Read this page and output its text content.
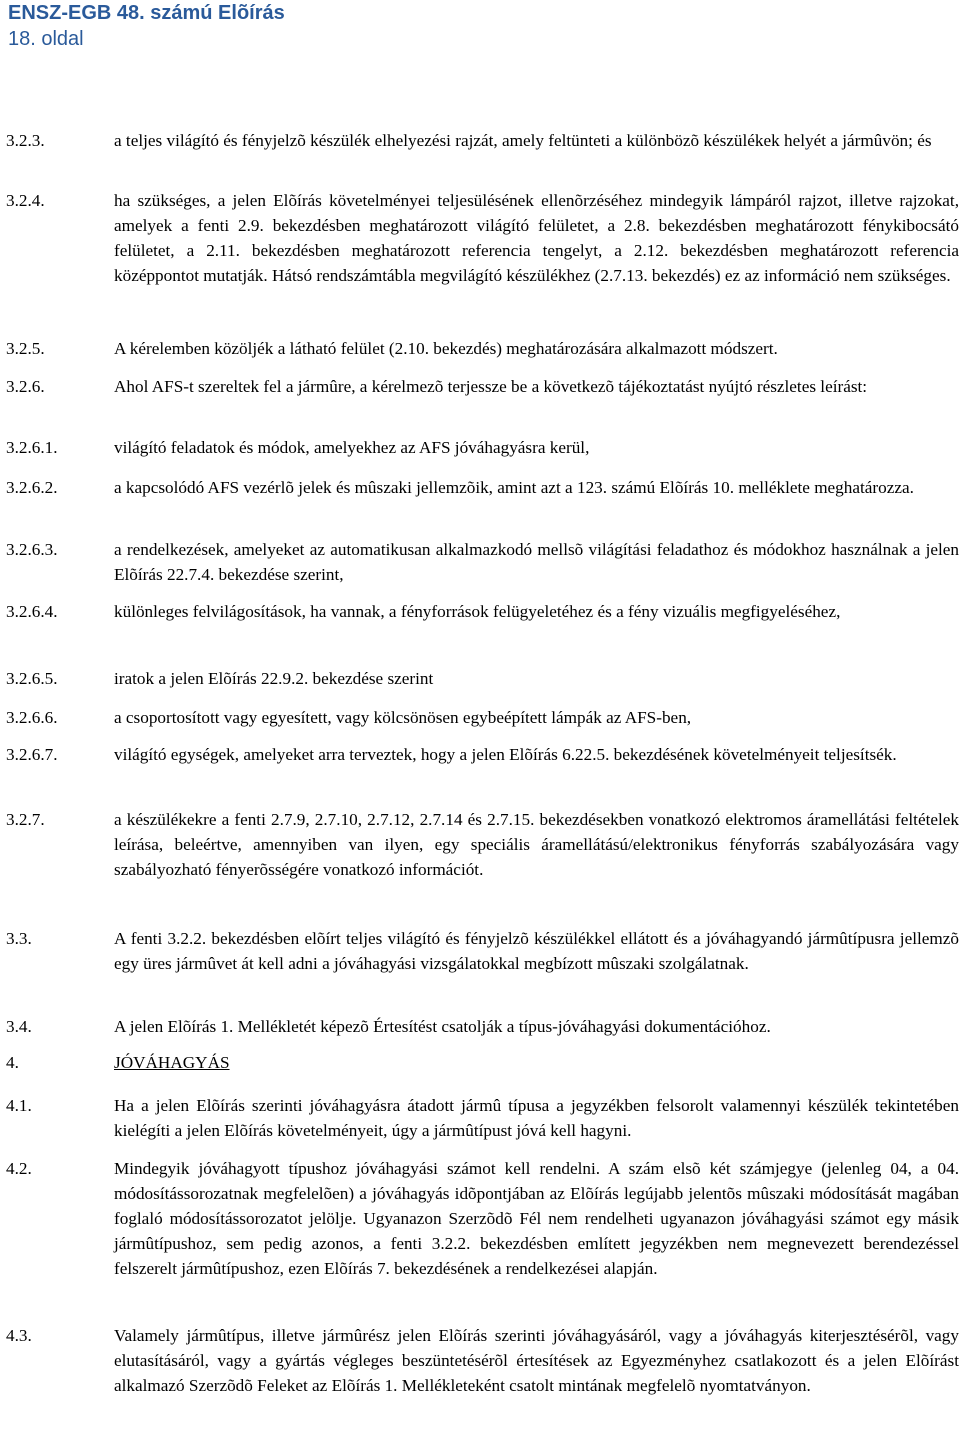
ENSZ-EGB 48. számú Elõírás
18. oldal
3.2.3.	a teljes világító és fényjelzõ készülék elhelyezési rajzát, amely feltünteti a különbözõ készülékek helyét a jármûvön; és
3.2.4.	ha szükséges, a jelen Elõírás követelményei teljesülésének ellenõrzéséhez mindegyik lámpáról rajzot, illetve rajzokat, amelyek a fenti 2.9. bekezdésben meghatározott világító felületet, a 2.8. bekezdésben meghatározott fénykibocsátó felületet, a 2.11. bekezdésben meghatározott referencia tengelyt, a 2.12. bekezdésben meghatározott referencia középpontot mutatják. Hátsó rendszámtábla megvilágító készülékhez (2.7.13. bekezdés) ez az információ nem szükséges.
3.2.5.	A kérelemben közöljék a látható felület (2.10. bekezdés) meghatározására alkalmazott módszert.
3.2.6.	Ahol AFS-t szereltek fel a jármûre, a kérelmezõ terjessze be a következõ tájékoztatást nyújtó részletes leírást:
3.2.6.1.	világító feladatok és módok, amelyekhez az AFS jóváhagyásra kerül,
3.2.6.2.	a kapcsolódó AFS vezérlõ jelek és mûszaki jellemzõik, amint azt a 123. számú Elõírás 10. melléklete meghatározza.
3.2.6.3.	a rendelkezések, amelyeket az automatikusan alkalmazkodó mellsõ világítási feladathoz és módokhoz használnak a jelen Elõírás 22.7.4. bekezdése szerint,
3.2.6.4.	különleges felvilágosítások, ha vannak, a fényforrások felügyeletéhez és a fény vizuális megfigyeléséhez,
3.2.6.5.	iratok a jelen Elõírás 22.9.2. bekezdése szerint
3.2.6.6.	a csoportosított vagy egyesített, vagy kölcsönösen egybeépített lámpák az AFS-ben,
3.2.6.7.	világító egységek, amelyeket arra terveztek, hogy a jelen Elõírás 6.22.5. bekezdésének követelményeit teljesítsék.
3.2.7.	a készülékekre a fenti 2.7.9, 2.7.10, 2.7.12, 2.7.14 és 2.7.15. bekezdésekben vonatkozó elektromos áramellátási feltételek leírása, beleértve, amennyiben van ilyen, egy speciális áramellátású/elektronikus fényforrás szabályozására vagy szabályozható fényerõsségére vonatkozó információt.
3.3.	A fenti 3.2.2. bekezdésben elõírt teljes világító és fényjelzõ készülékkel ellátott és a jóváhagyandó jármûtípusra jellemzõ egy üres jármûvet át kell adni a jóváhagyási vizsgálatokkal megbízott mûszaki szolgálatnak.
3.4.	A jelen Elõírás 1. Mellékletét képezõ Értesítést csatolják a típus-jóváhagyási dokumentációhoz.
4.	JÓVÁHAGYÁS
4.1.	Ha a jelen Elõírás szerinti jóváhagyásra átadott jármû típusa a jegyzékben felsorolt valamennyi készülék tekintetében kielégíti a jelen Elõírás követelményeit, úgy a jármûtípust jóvá kell hagyni.
4.2.	Mindegyik jóváhagyott típushoz jóváhagyási számot kell rendelni. A szám elsõ két számjegye (jelenleg 04, a 04. módosítássorozatnak megfelelõen) a jóváhagyás idõpontjában az Elõírás legújabb jelentõs mûszaki módosítását magában foglaló módosítássorozatot jelölje. Ugyanazon Szerzõdõ Fél nem rendelheti ugyanazon jóváhagyási számot egy másik jármûtípushoz, sem pedig azonos, a fenti 3.2.2. bekezdésben említett jegyzékben nem megnevezett berendezéssel felszerelt jármûtípushoz, ezen Elõírás 7. bekezdésének a rendelkezései alapján.
4.3.	Valamely jármûtípus, illetve jármûrész jelen Elõírás szerinti jóváhagyásáról, vagy a jóváhagyás kiterjesztésérõl, vagy elutasításáról, vagy a gyártás végleges beszüntetésérõl értesítések az Egyezményhez csatlakozott és a jelen Elõírást alkalmazó Szerzõdõ Feleket az Elõírás 1. Mellékleteként csatolt mintának megfelelõ nyomtatványon.
